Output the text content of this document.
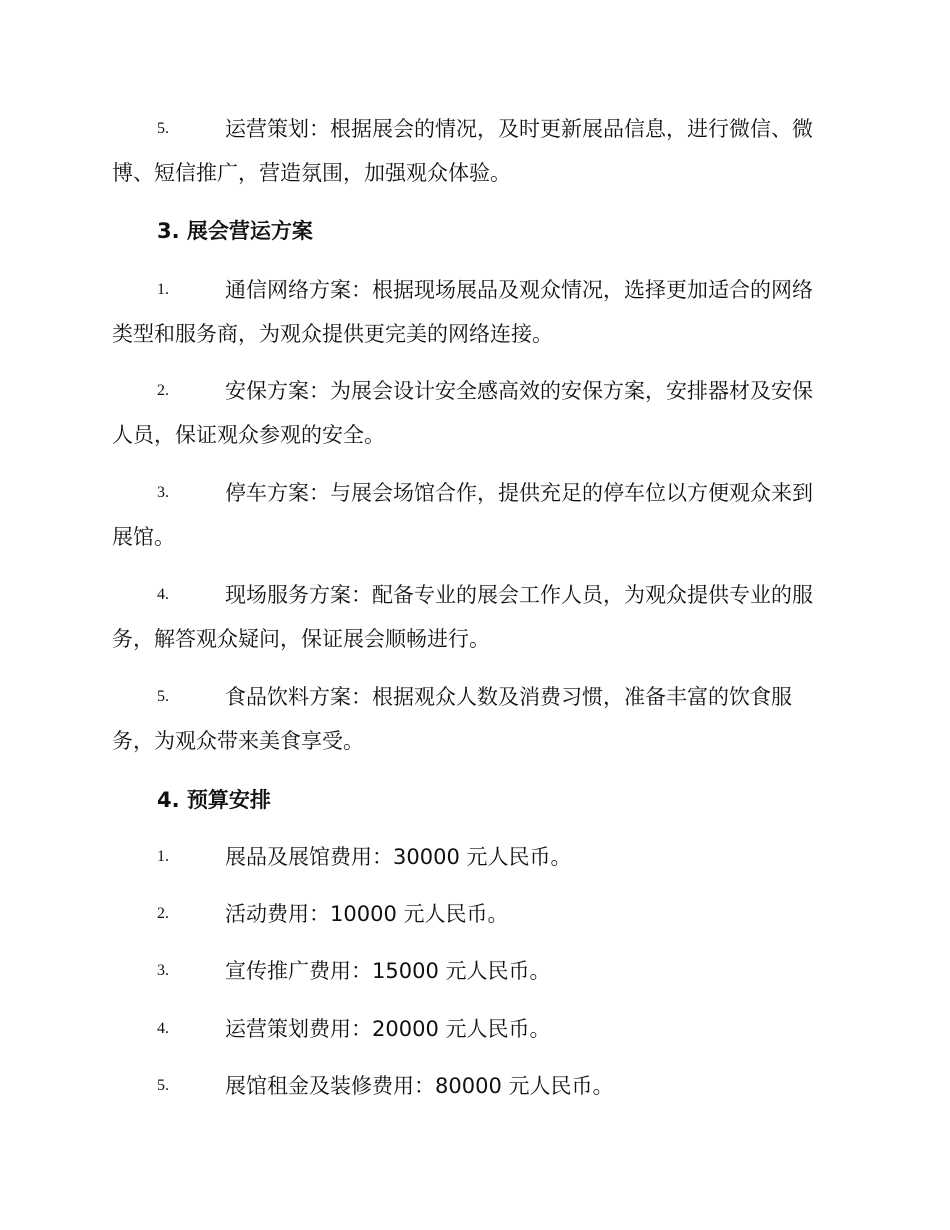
5.	运营策划：根据展会的情况，及时更新展品信息，进行微信、微
博、短信推广，营造氛围，加强观众体验。
3. 展会营运方案
1.	通信网络方案：根据现场展品及观众情况，选择更加适合的网络
类型和服务商，为观众提供更完美的网络连接。
2.	安保方案：为展会设计安全感高效的安保方案，安排器材及安保
人员，保证观众参观的安全。
3.	停车方案：与展会场馆合作，提供充足的停车位以方便观众来到
展馆。
4.	现场服务方案：配备专业的展会工作人员，为观众提供专业的服
务，解答观众疑问，保证展会顺畅进行。
5.	食品饮料方案：根据观众人数及消费习惯，准备丰富的饮食服
务，为观众带来美食享受。
4. 预算安排
1.	展品及展馆费用：30000 元人民币。
2.	活动费用：10000 元人民币。
3.	宣传推广费用：15000 元人民币。
4.	运营策划费用：20000 元人民币。
5.	展馆租金及装修费用：80000 元人民币。
